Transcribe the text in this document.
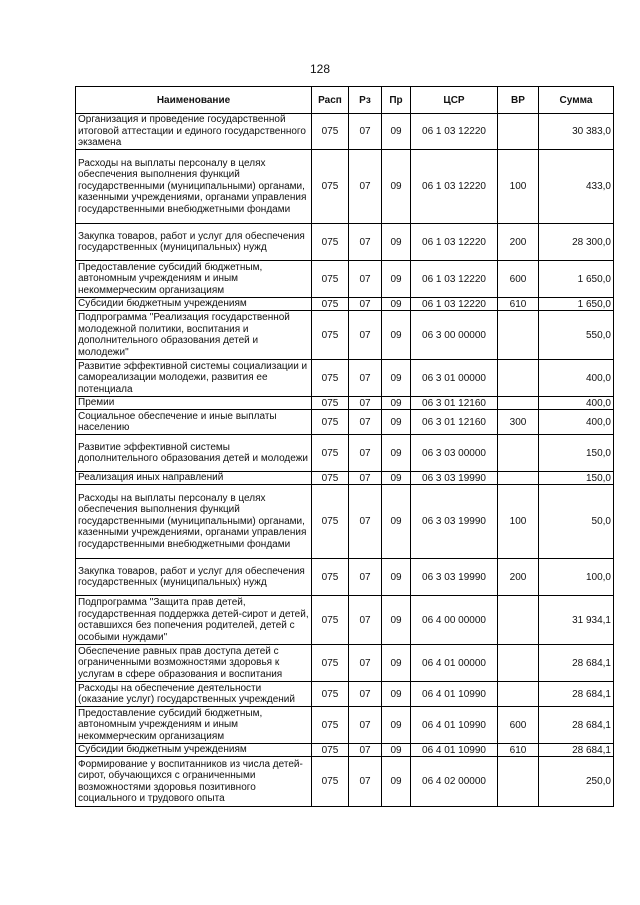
128
Наименование	Расп	Рз	Пр	ЦСР	ВР	Сумма
Организация и проведение государственной итоговой аттестации и единого государственного экзамена	075	07	09	06 1 03 12220		30 383,0
Расходы на выплаты персоналу в целях обеспечения выполнения функций государственными (муниципальными) органами, казенными учреждениями, органами управления государственными внебюджетными фондами	075	07	09	06 1 03 12220	100	433,0
Закупка товаров, работ и услуг для обеспечения государственных (муниципальных) нужд	075	07	09	06 1 03 12220	200	28 300,0
Предоставление субсидий бюджетным, автономным учреждениям и иным некоммерческим организациям	075	07	09	06 1 03 12220	600	1 650,0
Субсидии бюджетным учреждениям	075	07	09	06 1 03 12220	610	1 650,0
Подпрограмма "Реализация государственной молодежной политики, воспитания и дополнительного образования детей и молодежи"	075	07	09	06 3 00 00000		550,0
Развитие эффективной системы социализации и самореализации молодежи, развития ее потенциала	075	07	09	06 3 01 00000		400,0
Премии	075	07	09	06 3 01 12160		400,0
Социальное обеспечение и иные выплаты населению	075	07	09	06 3 01 12160	300	400,0
Развитие эффективной системы дополнительного образования детей и молодежи	075	07	09	06 3 03 00000		150,0
Реализация иных направлений	075	07	09	06 3 03 19990		150,0
Расходы на выплаты персоналу в целях обеспечения выполнения функций государственными (муниципальными) органами, казенными учреждениями, органами управления государственными внебюджетными фондами	075	07	09	06 3 03 19990	100	50,0
Закупка товаров, работ и услуг для обеспечения государственных (муниципальных) нужд	075	07	09	06 3 03 19990	200	100,0
Подпрограмма "Защита прав детей, государственная поддержка детей-сирот и детей, оставшихся без попечения родителей, детей с особыми нуждами"	075	07	09	06 4 00 00000		31 934,1
Обеспечение равных прав доступа детей с ограниченными возможностями здоровья к услугам в сфере образования и воспитания	075	07	09	06 4 01 00000		28 684,1
Расходы на обеспечение деятельности (оказание услуг) государственных учреждений	075	07	09	06 4 01 10990		28 684,1
Предоставление субсидий бюджетным, автономным учреждениям и иным некоммерческим организациям	075	07	09	06 4 01 10990	600	28 684,1
Субсидии бюджетным учреждениям	075	07	09	06 4 01 10990	610	28 684,1
Формирование у воспитанников из числа детей-сирот, обучающихся с ограниченными возможностями здоровья позитивного социального и трудового опыта	075	07	09	06 4 02 00000		250,0
